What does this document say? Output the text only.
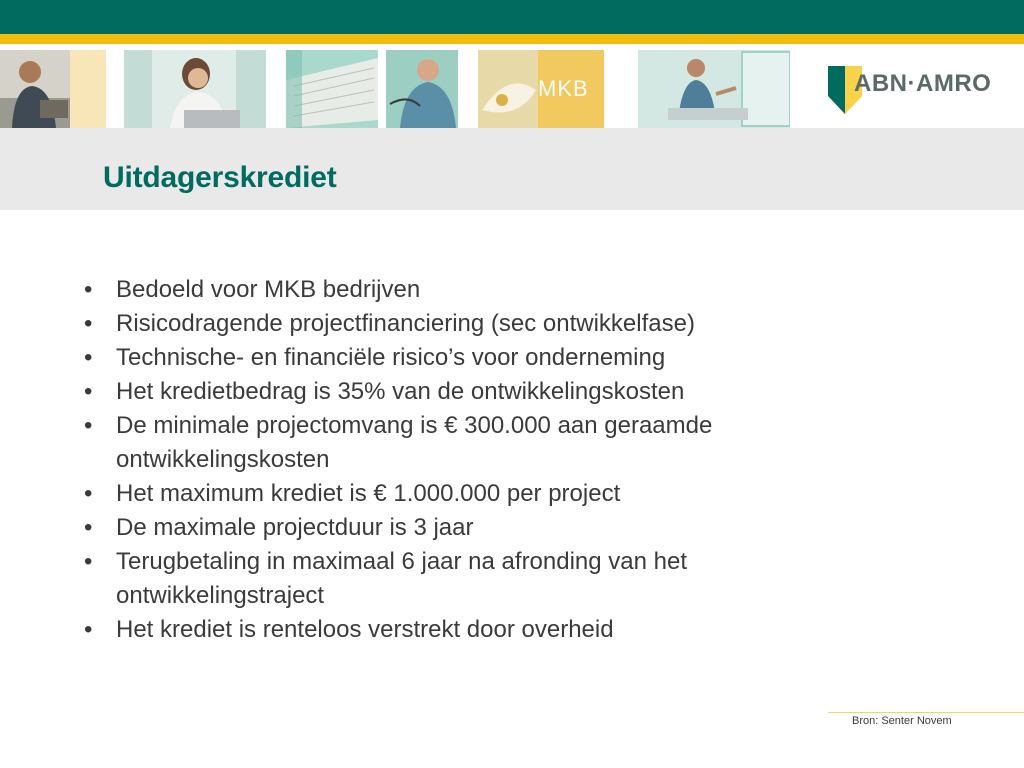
MKB	ABN·AMRO
Uitdagerskrediet
• Bedoeld voor MKB bedrijven
• Risicodragende projectfinanciering (sec ontwikkelfase)
• Technische- en financiële risico’s voor onderneming
• Het kredietbedrag is 35% van de ontwikkelingskosten
• De minimale projectomvang is € 300.000 aan geraamde ontwikkelingskosten
• Het maximum krediet is € 1.000.000 per project
• De maximale projectduur is 3 jaar
• Terugbetaling in maximaal 6 jaar na afronding van het ontwikkelingstraject
• Het krediet is renteloos verstrekt door overheid
Bron: Senter Novem
